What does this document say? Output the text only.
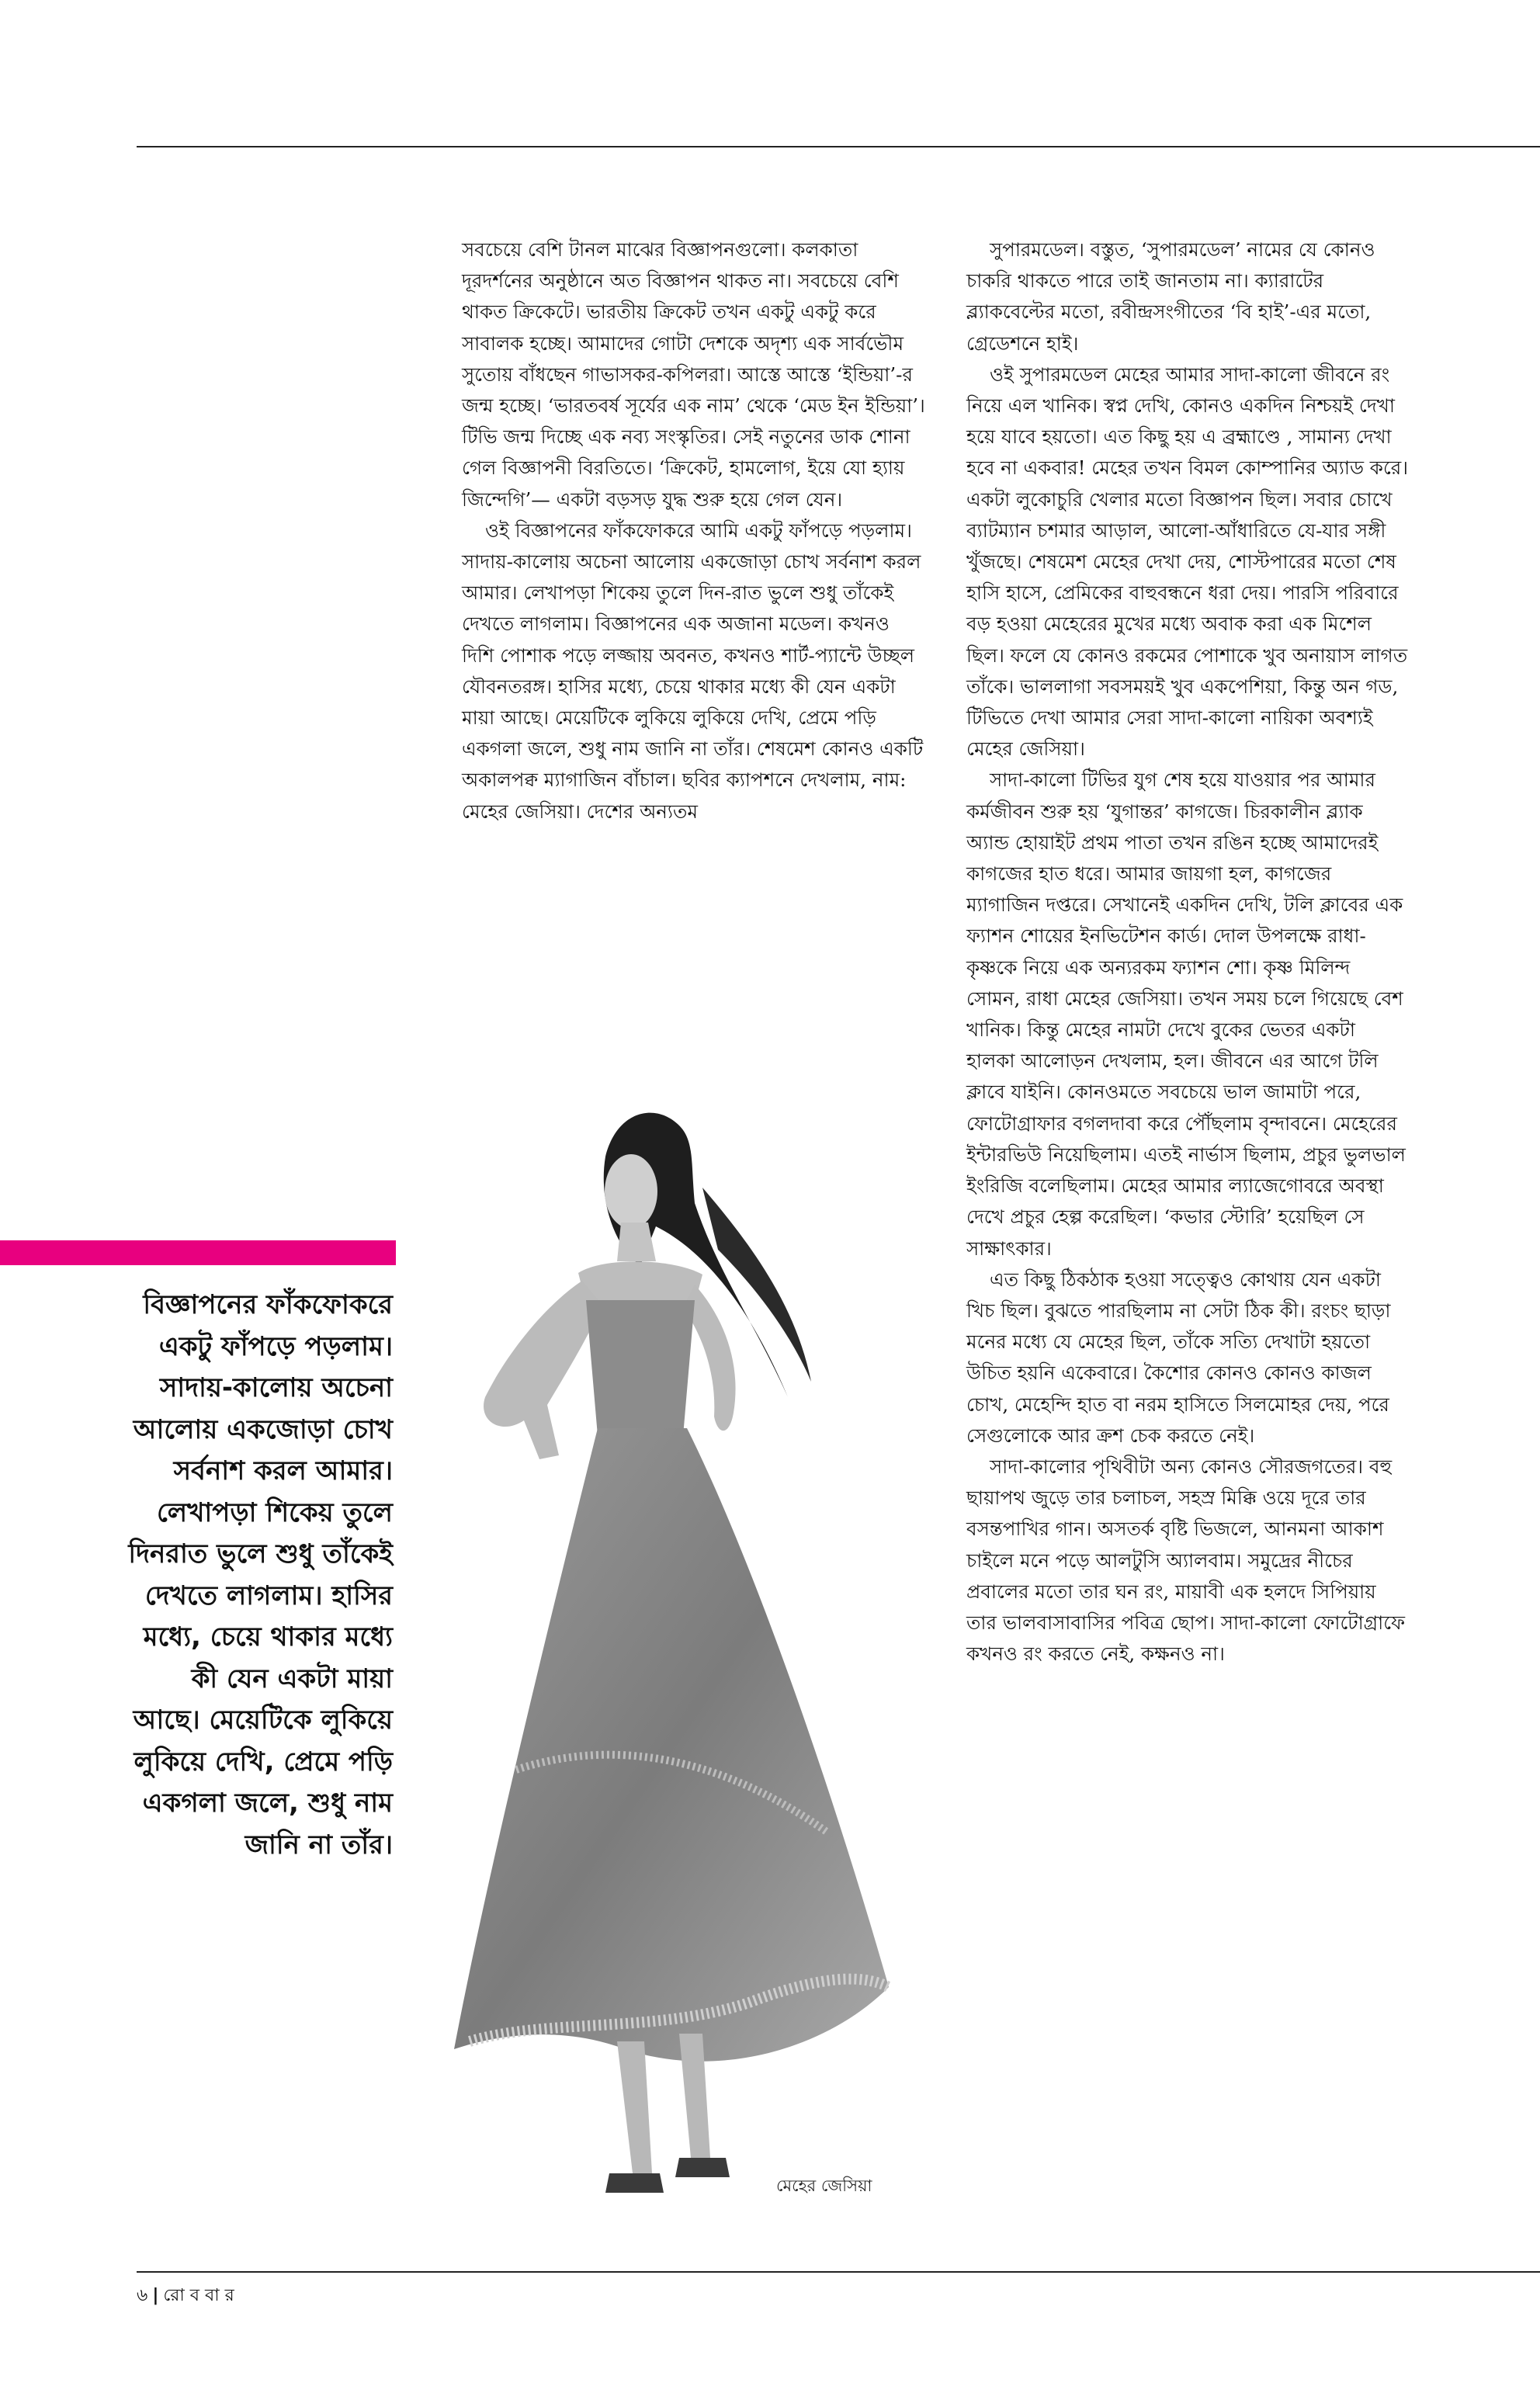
সবচেয়ে বেশি টানল মাঝের বিজ্ঞাপনগুলো। কলকাতা দূরদর্শনের অনুষ্ঠানে অত বিজ্ঞাপন থাকত না। সবচেয়ে বেশি থাকত ক্রিকেটে। ভারতীয় ক্রিকেট তখন একটু একটু করে সাবালক হচ্ছে। আমাদের গোটা দেশকে অদৃশ্য এক সার্বভৌম সুতোয় বাঁধছেন গাভাসকর-কপিলরা। আস্তে আস্তে ‘ইন্ডিয়া’-র জন্ম হচ্ছে। ‘ভারতবর্ষ সূর্যের এক নাম’ থেকে ‘মেড ইন ইন্ডিয়া’। টিভি জন্ম দিচ্ছে এক নব্য সংস্কৃতির। সেই নতুনের ডাক শোনা গেল বিজ্ঞাপনী বিরতিতে। ‘ক্রিকেট, হামলোগ, ইয়ে যো হ্যায় জিন্দেগি’— একটা বড়সড় যুদ্ধ শুরু হয়ে গেল যেন।

ওই বিজ্ঞাপনের ফাঁকফোকরে আমি একটু ফাঁপড়ে পড়লাম। সাদায়-কালোয় অচেনা আলোয় একজোড়া চোখ সর্বনাশ করল আমার। লেখাপড়া শিকেয় তুলে দিন-রাত ভুলে শুধু তাঁকেই দেখতে লাগলাম। বিজ্ঞাপনের এক অজানা মডেল। কখনও দিশি পোশাক পড়ে লজ্জায় অবনত, কখনও শার্ট-প্যান্টে উচ্ছল যৌবনতরঙ্গ। হাসির মধ্যে, চেয়ে থাকার মধ্যে কী যেন একটা মায়া আছে। মেয়েটিকে লুকিয়ে লুকিয়ে দেখি, প্রেমে পড়ি একগলা জলে, শুধু নাম জানি না তাঁর। শেষমেশ কোনও একটি অকালপক্ব ম্যাগাজিন বাঁচাল। ছবির ক্যাপশনে দেখলাম, নাম: মেহের জেসিয়া। দেশের অন্যতম

সুপারমডেল। বস্তুত, ‘সুপারমডেল’ নামের যে কোনও চাকরি থাকতে পারে তাই জানতাম না। ক্যারাটের ব্ল্যাকবেল্টের মতো, রবীন্দ্রসংগীতের ‘বি হাই’-এর মতো, গ্রেডেশনে হাই।

ওই সুপারমডেল মেহের আমার সাদা-কালো জীবনে রং নিয়ে এল খানিক। স্বপ্ন দেখি, কোনও একদিন নিশ্চয়ই দেখা হয়ে যাবে হয়তো। এত কিছু হয় এ ব্রহ্মাণ্ডে , সামান্য দেখা হবে না একবার! মেহের তখন বিমল কোম্পানির অ্যাড করে। একটা লুকোচুরি খেলার মতো বিজ্ঞাপন ছিল। সবার চোখে ব্যাটম্যান চশমার আড়াল, আলো-আঁধারিতে যে-যার সঙ্গী খুঁজছে। শেষমেশ মেহের দেখা দেয়, শোস্টপারের মতো শেষ হাসি হাসে, প্রেমিকের বাহুবন্ধনে ধরা দেয়। পারসি পরিবারে বড় হওয়া মেহেরের মুখের মধ্যে অবাক করা এক মিশেল ছিল। ফলে যে কোনও রকমের পোশাকে খুব অনায়াস লাগত তাঁকে। ভাললাগা সবসময়ই খুব একপেশিয়া, কিন্তু অন গড, টিভিতে দেখা আমার সেরা সাদা-কালো নায়িকা অবশ্যই মেহের জেসিয়া।

সাদা-কালো টিভির যুগ শেষ হয়ে যাওয়ার পর আমার কর্মজীবন শুরু হয় ‘যুগান্তর’ কাগজে। চিরকালীন ব্ল্যাক অ্যান্ড হোয়াইট প্রথম পাতা তখন রঙিন হচ্ছে আমাদেরই কাগজের হাত ধরে। আমার জায়গা হল, কাগজের ম্যাগাজিন দপ্তরে। সেখানেই একদিন দেখি, টলি ক্লাবের এক ফ্যাশন শোয়ের ইনভিটেশন কার্ড। দোল উপলক্ষে রাধা-কৃষ্ণকে নিয়ে এক অন্যরকম ফ্যাশন শো। কৃষ্ণ মিলিন্দ সোমন, রাধা মেহের জেসিয়া। তখন সময় চলে গিয়েছে বেশ খানিক। কিন্তু মেহের নামটা দেখে বুকের ভেতর একটা হালকা আলোড়ন দেখলাম, হল। জীবনে এর আগে টলি ক্লাবে যাইনি। কোনওমতে সবচেয়ে ভাল জামাটা পরে, ফোটোগ্রাফার বগলদাবা করে পৌঁছলাম বৃন্দাবনে। মেহেরের ইন্টারভিউ নিয়েছিলাম। এতই নার্ভাস ছিলাম, প্রচুর ভুলভাল ইংরিজি বলেছিলাম। মেহের আমার ল্যাজেগোবরে অবস্থা দেখে প্রচুর হেল্প করেছিল। ‘কভার স্টোরি’ হয়েছিল সে সাক্ষাৎকার।

এত কিছু ঠিকঠাক হওয়া সত্ত্বেও কোথায় যেন একটা খিচ ছিল। বুঝতে পারছিলাম না সেটা ঠিক কী। রংচং ছাড়া মনের মধ্যে যে মেহের ছিল, তাঁকে সত্যি দেখাটা হয়তো উচিত হয়নি একেবারে। কৈশোর কোনও কোনও কাজল চোখ, মেহেন্দি হাত বা নরম হাসিতে সিলমোহর দেয়, পরে সেগুলোকে আর ক্রশ চেক করতে নেই।

সাদা-কালোর পৃথিবীটা অন্য কোনও সৌরজগতের। বহু ছায়াপথ জুড়ে তার চলাচল, সহস্র মিক্কি ওয়ে দূরে তার বসন্তপাখির গান। অসতর্ক বৃষ্টি ভিজলে, আনমনা আকাশ চাইলে মনে পড়ে আলটুসি অ্যালবাম। সমুদ্রের নীচের প্রবালের মতো তার ঘন রং, মায়াবী এক হলদে সিপিয়ায় তার ভালবাসাবাসির পবিত্র ছোপ। সাদা-কালো ফোটোগ্রাফে কখনও রং করতে নেই, কক্ষনও না।

বিজ্ঞাপনের ফাঁকফোকরে একটু ফাঁপড়ে পড়লাম। সাদায়-কালোয় অচেনা আলোয় একজোড়া চোখ সর্বনাশ করল আমার। লেখাপড়া শিকেয় তুলে দিনরাত ভুলে শুধু তাঁকেই দেখতে লাগলাম। হাসির মধ্যে, চেয়ে থাকার মধ্যে কী যেন একটা মায়া আছে। মেয়েটিকে লুকিয়ে লুকিয়ে দেখি, প্রেমে পড়ি একগলা জলে, শুধু নাম জানি না তাঁর।
মেহের জেসিয়া
৬ | রো ব বা র
